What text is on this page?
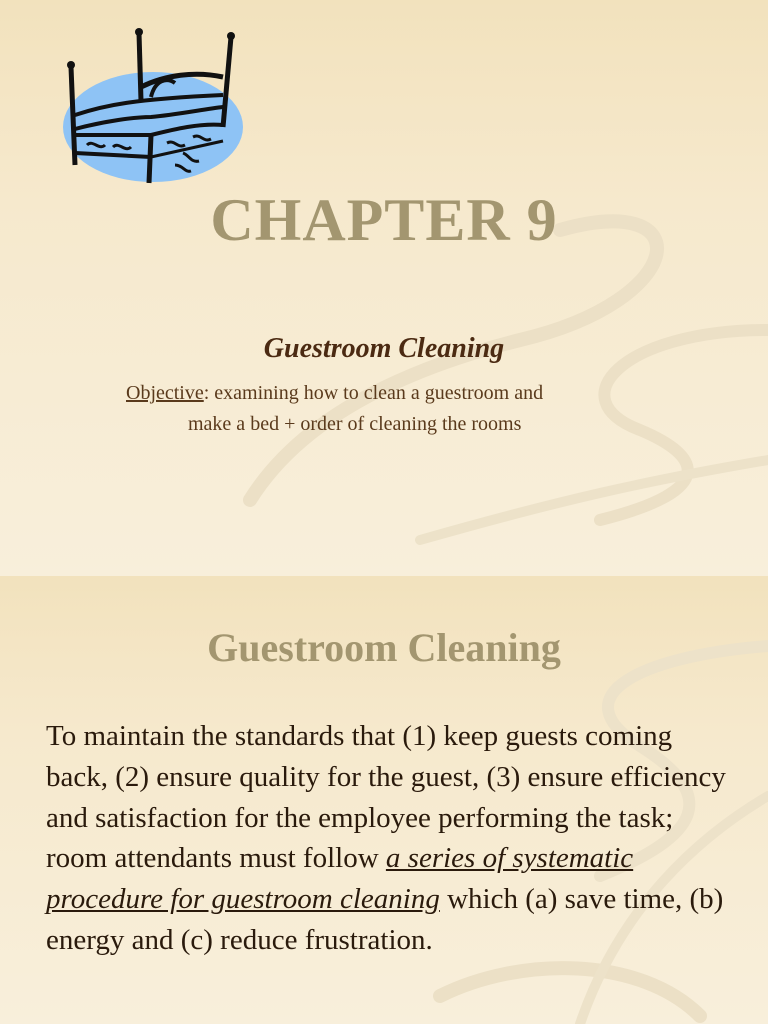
CHAPTER 9
Guestroom Cleaning

Objective: examining how to clean a guestroom and
make a bed + order of cleaning the rooms

Guestroom Cleaning

To maintain the standards that (1) keep guests coming back, (2) ensure quality for the guest, (3) ensure efficiency and satisfaction for the employee performing the task; room attendants must follow a series of systematic procedure for guestroom cleaning which (a) save time, (b) energy and (c) reduce frustration.
